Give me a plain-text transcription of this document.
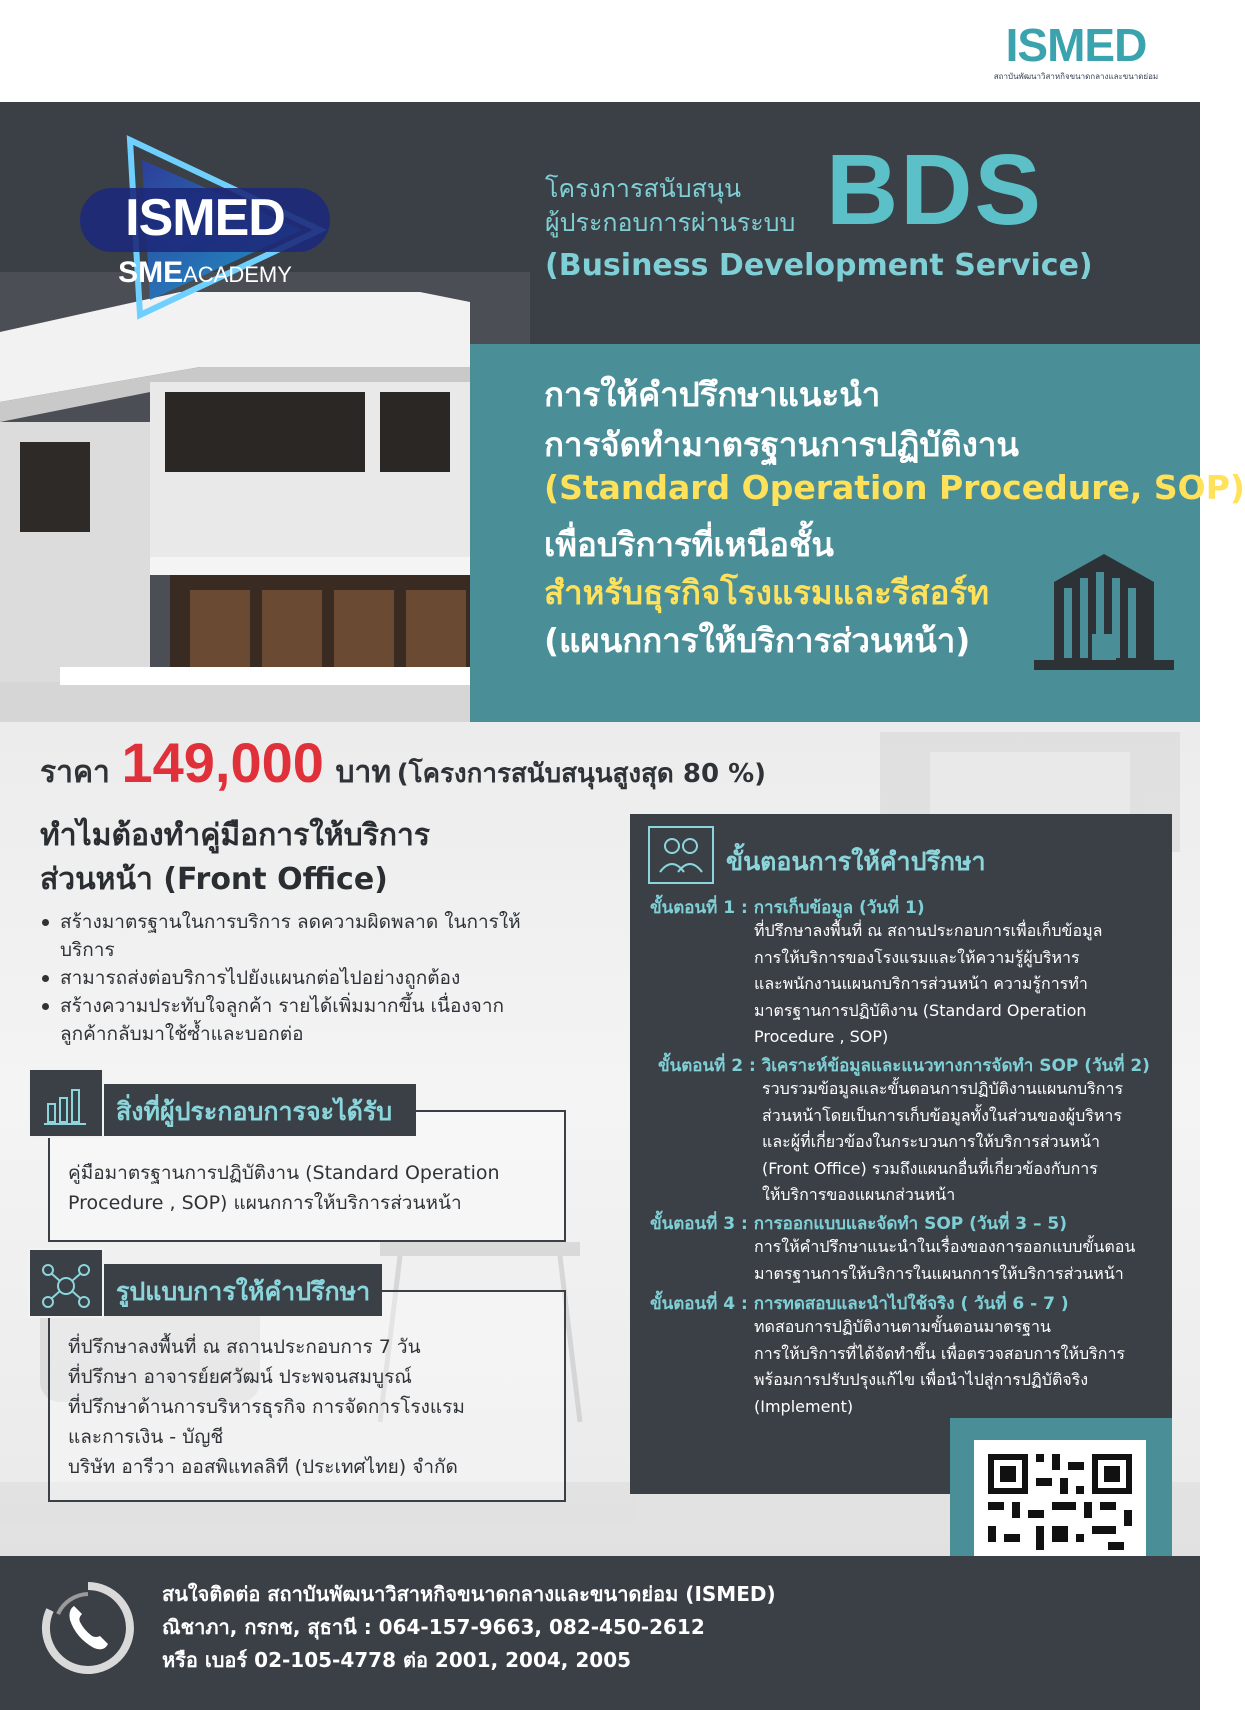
ISMED
สถาบันพัฒนาวิสาหกิจขนาดกลางและขนาดย่อม
ISMED
SMEACADEMY
โครงการสนับสนุน
ผู้ประกอบการผ่านระบบ BDS
(Business Development Service)
การให้คำปรึกษาแนะนำ
การจัดทำมาตรฐานการปฏิบัติงาน
(Standard Operation Procedure, SOP)
เพื่อบริการที่เหนือชั้น
สำหรับธุรกิจโรงแรมและรีสอร์ท
(แผนกการให้บริการส่วนหน้า)
ราคา 149,000 บาท (โครงการสนับสนุนสูงสุด 80 %)
ทำไมต้องทำคู่มือการให้บริการ
ส่วนหน้า (Front Office)
สร้างมาตรฐานในการบริการ ลดความผิดพลาด ในการให้บริการ
สามารถส่งต่อบริการไปยังแผนกต่อไปอย่างถูกต้อง
สร้างความประทับใจลูกค้า รายได้เพิ่มมากขึ้น เนื่องจากลูกค้ากลับมาใช้ซ้ำและบอกต่อ
คู่มือมาตรฐานการปฏิบัติงาน (Standard Operation
Procedure , SOP) แผนกการให้บริการส่วนหน้า
สิ่งที่ผู้ประกอบการจะได้รับ
ที่ปรึกษาลงพื้นที่ ณ สถานประกอบการ 7 วัน
ที่ปรึกษา อาจารย์ยศวัฒน์ ประพจนสมบูรณ์
ที่ปรึกษาด้านการบริหารธุรกิจ การจัดการโรงแรม
และการเงิน - บัญชี
บริษัท อารีวา ออสพิแทลลิที (ประเทศไทย) จำกัด
รูปแบบการให้คำปรึกษา
ขั้นตอนการให้คำปรึกษา
ขั้นตอนที่ 1 : การเก็บข้อมูล (วันที่ 1)
ที่ปรึกษาลงพื้นที่ ณ สถานประกอบการเพื่อเก็บข้อมูล
การให้บริการของโรงแรมและให้ความรู้ผู้บริหาร
และพนักงานแผนกบริการส่วนหน้า ความรู้การทำ
มาตรฐานการปฏิบัติงาน (Standard Operation
Procedure , SOP)
ขั้นตอนที่ 2 : วิเคราะห์ข้อมูลและแนวทางการจัดทำ SOP (วันที่ 2)
รวบรวมข้อมูลและขั้นตอนการปฏิบัติงานแผนกบริการ
ส่วนหน้าโดยเป็นการเก็บข้อมูลทั้งในส่วนของผู้บริหาร
และผู้ที่เกี่ยวข้องในกระบวนการให้บริการส่วนหน้า
(Front Office) รวมถึงแผนกอื่นที่เกี่ยวข้องกับการ
ให้บริการของแผนกส่วนหน้า
ขั้นตอนที่ 3 : การออกแบบและจัดทำ SOP (วันที่ 3 – 5)
การให้คำปรึกษาแนะนำในเรื่องของการออกแบบขั้นตอน
มาตรฐานการให้บริการในแผนกการให้บริการส่วนหน้า
ขั้นตอนที่ 4 : การทดสอบและนำไปใช้จริง ( วันที่ 6 - 7 )
ทดสอบการปฏิบัติงานตามขั้นตอนมาตรฐาน
การให้บริการที่ได้จัดทำขึ้น เพื่อตรวจสอบการให้บริการ
พร้อมการปรับปรุงแก้ไข เพื่อนำไปสู่การปฏิบัติจริง
(Implement)
สนใจติดต่อ สถาบันพัฒนาวิสาหกิจขนาดกลางและขนาดย่อม (ISMED)
ณิชาภา, กรกช, สุธานี : 064-157-9663, 082-450-2612
หรือ เบอร์ 02-105-4778 ต่อ 2001, 2004, 2005
